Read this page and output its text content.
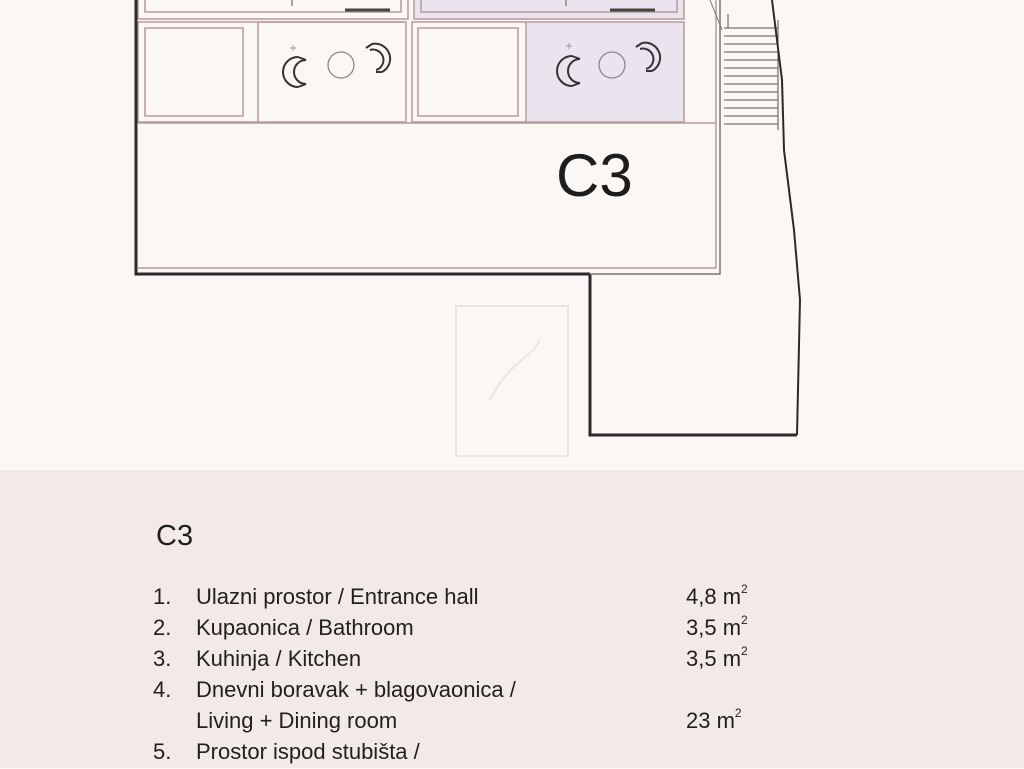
C3
C3
1. Ulazni prostor / Entrance hall	4,8 $m^2$
2. Kupaonica / Bathroom	3,5 $m^2$
3. Kuhinja / Kitchen	3,5 $m^2$
4. Dnevni boravak + blagovaonica /
Living + Dining room	23 $m^2$
5. Prostor ispod stubišta /
